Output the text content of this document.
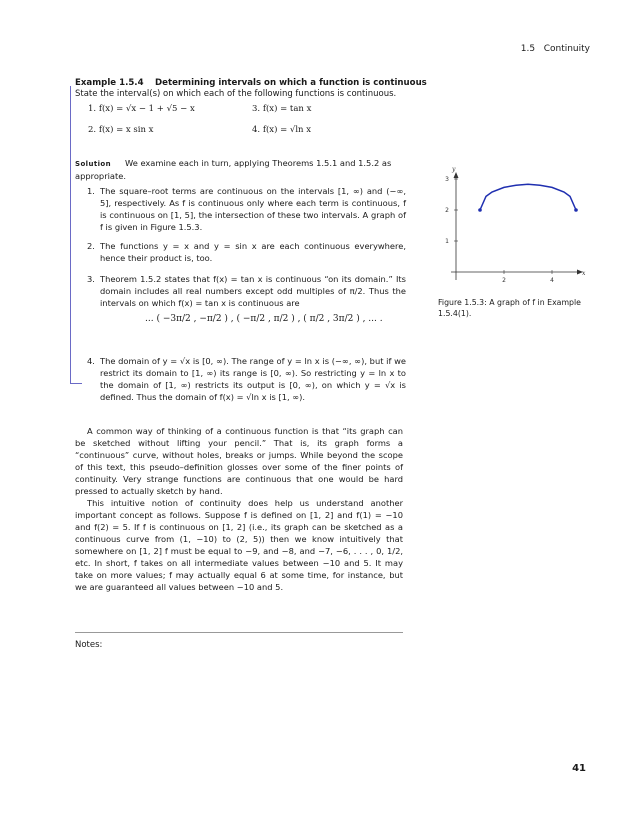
1.5 Continuity
Example 1.5.4 Determining intervals on which a function is continuous
State the interval(s) on which each of the following functions is continuous.
1. f(x) = √x − 1 + √5 − x
2. f(x) = x sin x
3. f(x) = tan x
4. f(x) = √ln x
Solution We examine each in turn, applying Theorems 1.5.1 and 1.5.2 as appropriate.
1. The square–root terms are continuous on the intervals [1, ∞) and (−∞, 5], respectively. As f is continuous only where each term is continuous, f is continuous on [1, 5], the intersection of these two intervals. A graph of f is given in Figure 1.5.3.
2. The functions y = x and y = sin x are each continuous everywhere, hence their product is, too.
3. Theorem 1.5.2 states that f(x) = tan x is continuous “on its domain.” Its domain includes all real numbers except odd multiples of π/2. Thus the intervals on which f(x) = tan x is continuous are
... ( −3π/2 , −π/2 ) , ( −π/2 , π/2 ) , ( π/2 , 3π/2 ) , ... .
4. The domain of y = √x is [0, ∞). The range of y = ln x is (−∞, ∞), but if we restrict its domain to [1, ∞) its range is [0, ∞). So restricting y = ln x to the domain of [1, ∞) restricts its output is [0, ∞), on which y = √x is defined. Thus the domain of f(x) = √ln x is [1, ∞).
A common way of thinking of a continuous function is that “its graph can be sketched without lifting your pencil.” That is, its graph forms a “continuous” curve, without holes, breaks or jumps. While beyond the scope of this text, this pseudo–definition glosses over some of the finer points of continuity. Very strange functions are continuous that one would be hard pressed to actually sketch by hand.
This intuitive notion of continuity does help us understand another important concept as follows. Suppose f is defined on [1, 2] and f(1) = −10 and f(2) = 5. If f is continuous on [1, 2] (i.e., its graph can be sketched as a continuous curve from (1, −10) to (2, 5)) then we know intuitively that somewhere on [1, 2] f must be equal to −9, and −8, and −7, −6, . . . , 0, 1/2, etc. In short, f takes on all intermediate values between −10 and 5. It may take on more values; f may actually equal 6 at some time, for instance, but we are guaranteed all values between −10 and 5.
x
y
2	4
1
2
3
Figure 1.5.3: A graph of f in Example 1.5.4(1).
Notes:
41
